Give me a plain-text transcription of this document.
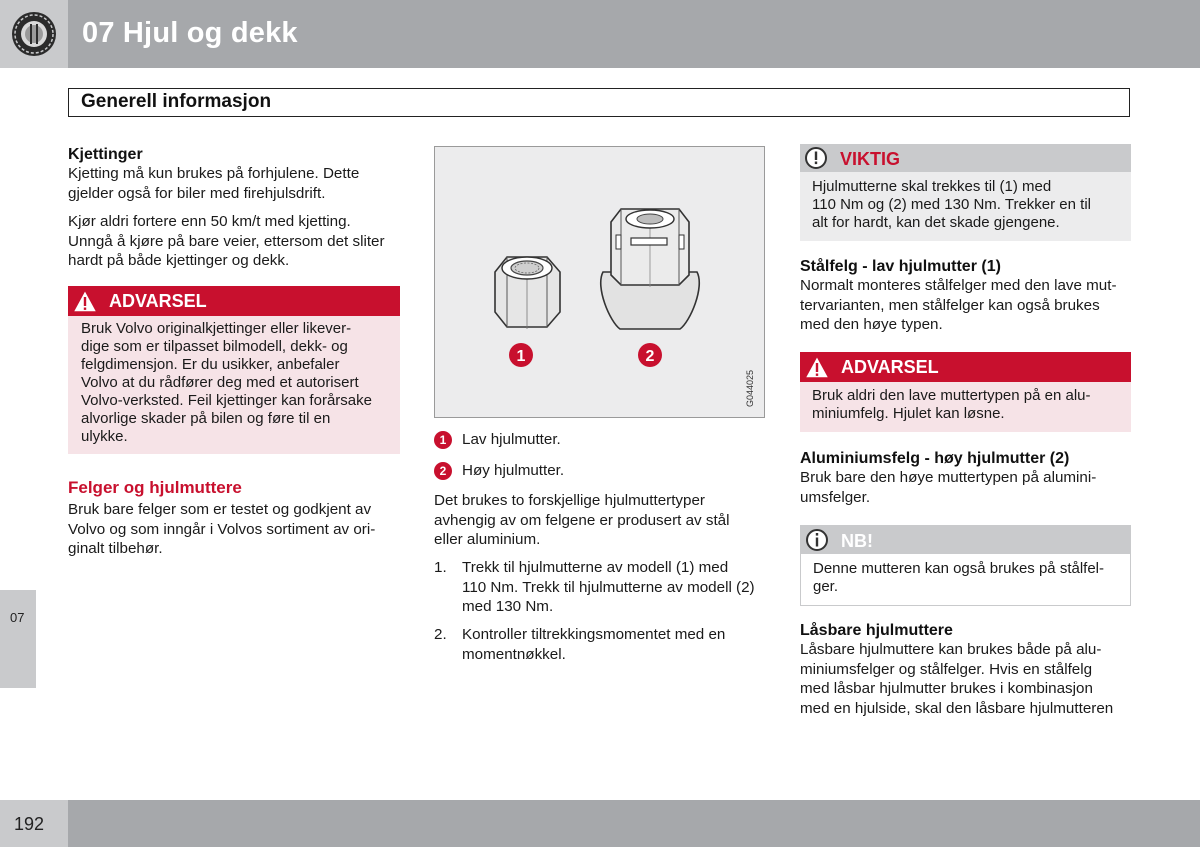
07 Hjul og dekk
Generell informasjon
Kjettinger
Kjetting må kun brukes på forhjulene. Dette
gjelder også for biler med firehjulsdrift.
Kjør aldri fortere enn 50 km/t med kjetting.
Unngå å kjøre på bare veier, ettersom det sliter
hardt på både kjettinger og dekk.
ADVARSEL
Bruk Volvo originalkjettinger eller likever-
dige som er tilpasset bilmodell, dekk- og
felgdimensjon. Er du usikker, anbefaler
Volvo at du rådfører deg med et autorisert
Volvo-verksted. Feil kjettinger kan forårsake
alvorlige skader på bilen og føre til en
ulykke.
Felger og hjulmuttere
Bruk bare felger som er testet og godkjent av
Volvo og som inngår i Volvos sortiment av ori-
ginalt tilbehør.
1	2
G044025
1	Lav hjulmutter.
2	Høy hjulmutter.
Det brukes to forskjellige hjulmuttertyper
avhengig av om felgene er produsert av stål
eller aluminium.
1. Trekk til hjulmutterne av modell (1) med
110 Nm. Trekk til hjulmutterne av modell (2)
med 130 Nm.
2. Kontroller tiltrekkingsmomentet med en
momentnøkkel.
VIKTIG
Hjulmutterne skal trekkes til (1) med
110 Nm og (2) med 130 Nm. Trekker en til
alt for hardt, kan det skade gjengene.
Stålfelg - lav hjulmutter (1)
Normalt monteres stålfelger med den lave mut-
tervarianten, men stålfelger kan også brukes
med den høye typen.
ADVARSEL
Bruk aldri den lave muttertypen på en alu-
miniumfelg. Hjulet kan løsne.
Aluminiumsfelg - høy hjulmutter (2)
Bruk bare den høye muttertypen på alumini-
umsfelger.
NB!
Denne mutteren kan også brukes på stålfel-
ger.
Låsbare hjulmuttere
Låsbare hjulmuttere kan brukes både på alu-
miniumsfelger og stålfelger. Hvis en stålfelg
med låsbar hjulmutter brukes i kombinasjon
med en hjulside, skal den låsbare hjulmutteren
07
192
